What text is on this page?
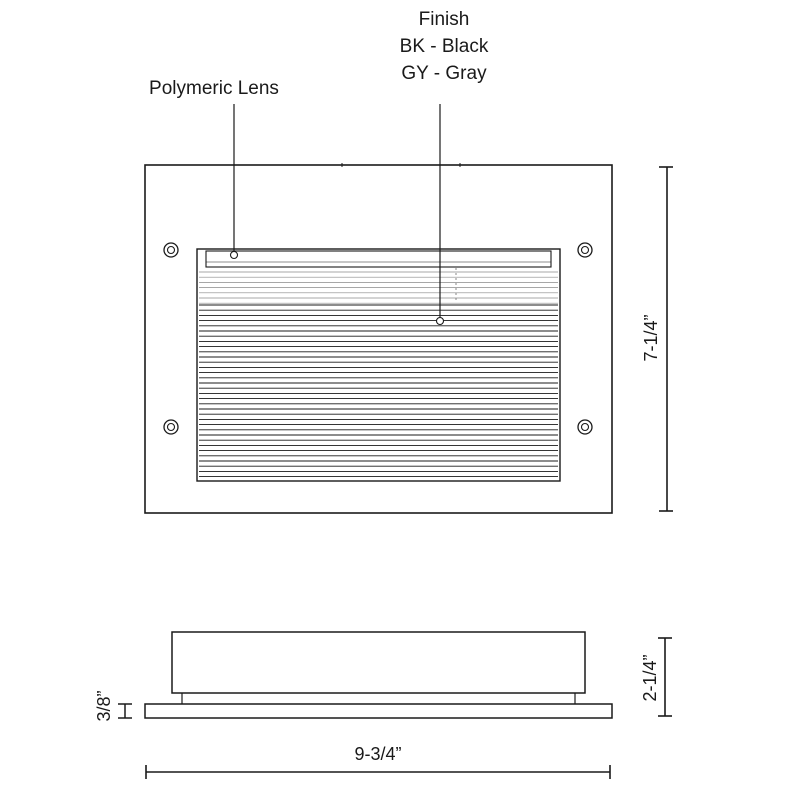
Polymeric Lens
Finish
BK - Black
GY - Gray
7-1/4”
3/8”
2-1/4”
9-3/4”
